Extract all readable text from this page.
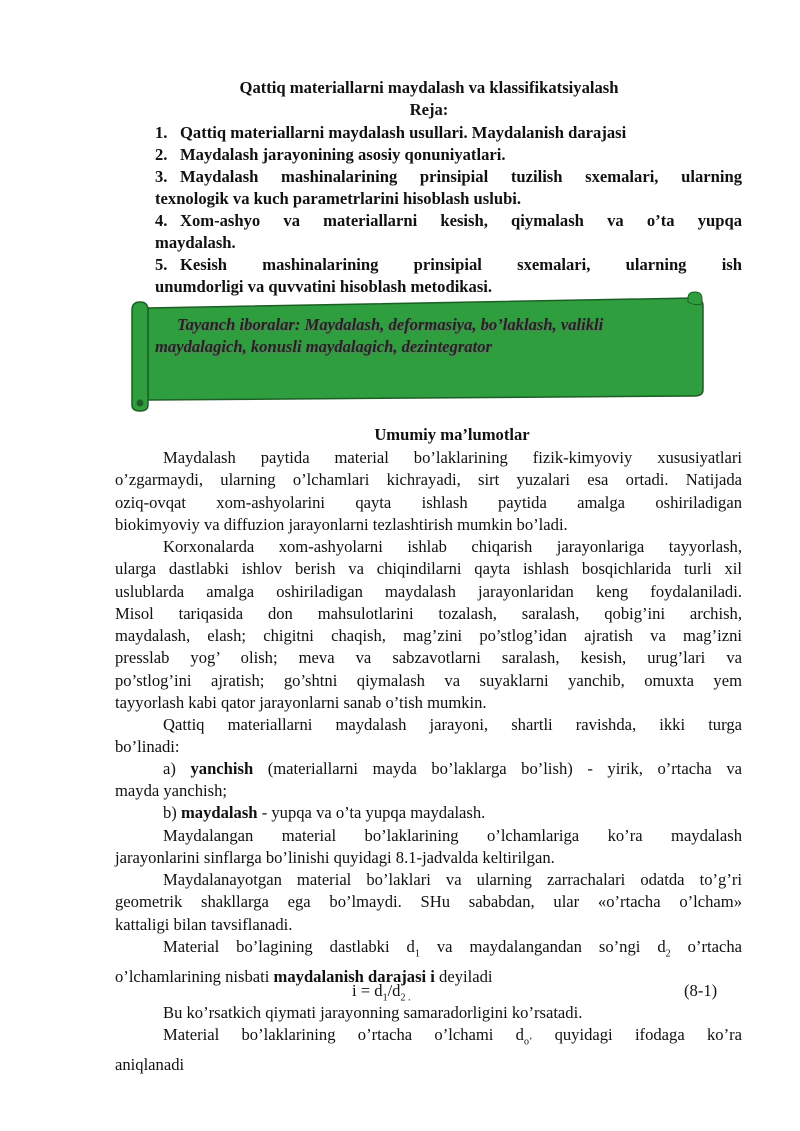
Qattiq materiallarni maydalash va klassifikatsiyalash
Reja:
1. Qattiq materiallarni maydalash usullari. Maydalanish darajasi
2. Maydalash jarayonining asosiy qonuniyatlari.
3. Maydalash mashinalarining prinsipial tuzilish sxemalari, ularning
texnologik va kuch parametrlarini hisoblash uslubi.
4. Xom-ashyo va materiallarni kesish, qiymalash va o’ta yupqa
maydalash.
5. Kesish mashinalarining prinsipial sxemalari, ularning ish
unumdorligi va quvvatini hisoblash metodikasi.
Tayanch iboralar: Maydalash, deformasiya, bo’laklash, valikli
maydalagich, konusli maydalagich, dezintegrator
Umumiy ma’lumotlar
Maydalash paytida material bo’laklarining fizik-kimyoviy xususiyatlari
o’zgarmaydi, ularning o’lchamlari kichrayadi, sirt yuzalari esa ortadi. Natijada
oziq-ovqat xom-ashyolarini qayta ishlash paytida amalga oshiriladigan
biokimyoviy va diffuzion jarayonlarni tezlashtirish mumkin bo’ladi.
Korxonalarda xom-ashyolarni ishlab chiqarish jarayonlariga tayyorlash,
ularga dastlabki ishlov berish va chiqindilarni qayta ishlash bosqichlarida turli xil
uslublarda amalga oshiriladigan maydalash jarayonlaridan keng foydalaniladi.
Misol tariqasida don mahsulotlarini tozalash, saralash, qobig’ini archish,
maydalash, elash; chigitni chaqish, mag’zini po’stlog’idan ajratish va mag’izni
presslab yog’ olish; meva va sabzavotlarni saralash, kesish, urug’lari va
po’stlog’ini ajratish; go’shtni qiymalash va suyaklarni yanchib, omuxta yem
tayyorlash kabi qator jarayonlarni sanab o’tish mumkin.
Qattiq materiallarni maydalash jarayoni, shartli ravishda, ikki turga
bo’linadi:
a) yanchish (materiallarni mayda bo’laklarga bo’lish) - yirik, o’rtacha va
mayda yanchish;
b) maydalash - yupqa va o’ta yupqa maydalash.
Maydalangan material bo’laklarining o’lchamlariga ko’ra maydalash
jarayonlarini sinflarga bo’linishi quyidagi 8.1-jadvalda keltirilgan.
Maydalanayotgan material bo’laklari va ularning zarrachalari odatda to’g’ri
geometrik shakllarga ega bo’lmaydi. SHu sababdan, ular «o’rtacha o’lcham»
kattaligi bilan tavsiflanadi.
Material bo’lagining dastlabki $d_1$ va maydalangandan so’ngi $d_2$ o’rtacha
o’lchamlarining nisbati maydalanish darajasi i deyiladi
$i = d_1/d_{2 .}$	(8-1)
Bu ko’rsatkich qiymati jarayonning samaradorligini ko’rsatadi.
Material bo’laklarining o’rtacha o’lchami $d_{o’}$ quyidagi ifodaga ko’ra
aniqlanadi
